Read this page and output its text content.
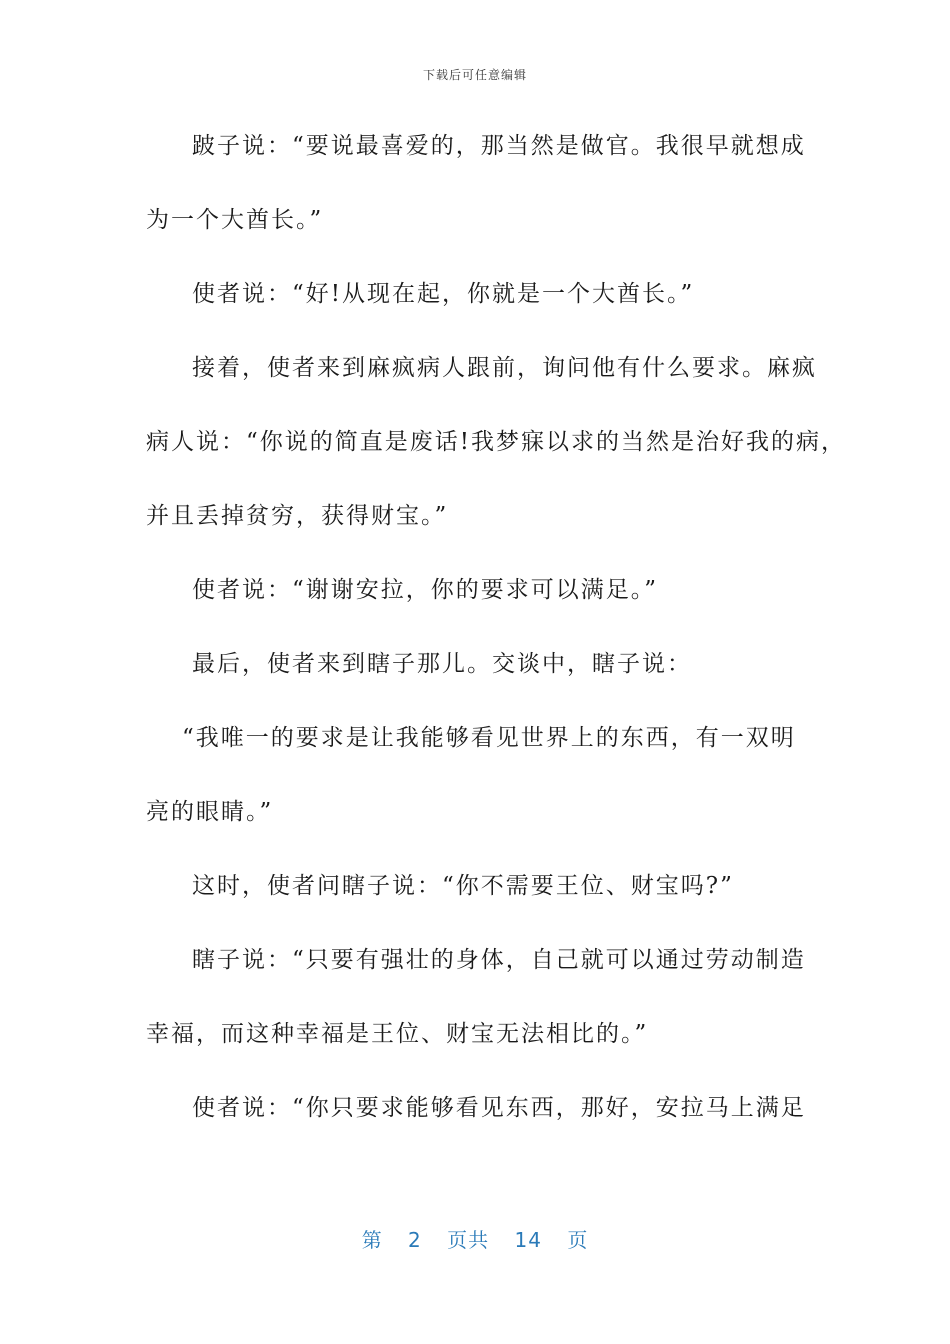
下载后可任意编辑
跛子说：“要说最喜爱的，那当然是做官。我很早就想成
为一个大酋长。”
使者说：“好!从现在起，你就是一个大酋长。”
接着，使者来到麻疯病人跟前，询问他有什么要求。麻疯
病人说：“你说的简直是废话!我梦寐以求的当然是治好我的病，
并且丢掉贫穷，获得财宝。”
使者说：“谢谢安拉，你的要求可以满足。”
最后，使者来到瞎子那儿。交谈中，瞎子说：
“我唯一的要求是让我能够看见世界上的东西，有一双明
亮的眼睛。”
这时，使者问瞎子说：“你不需要王位、财宝吗?”
瞎子说：“只要有强壮的身体，自己就可以通过劳动制造
幸福，而这种幸福是王位、财宝无法相比的。”
使者说：“你只要求能够看见东西，那好，安拉马上满足
第 2 页共 14 页
